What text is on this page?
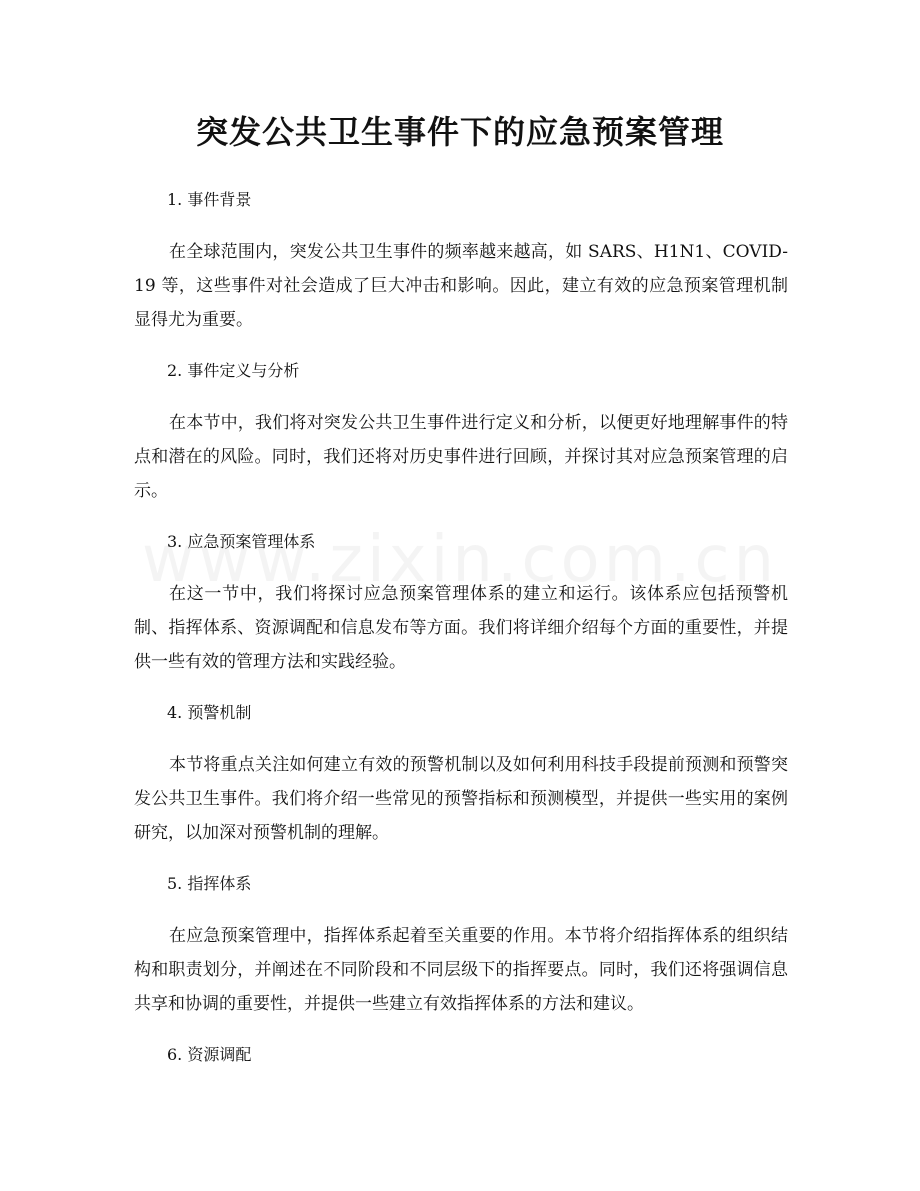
突发公共卫生事件下的应急预案管理

1. 事件背景

在全球范围内，突发公共卫生事件的频率越来越高，如 SARS、H1N1、COVID-19 等，这些事件对社会造成了巨大冲击和影响。因此，建立有效的应急预案管理机制显得尤为重要。

2. 事件定义与分析

在本节中，我们将对突发公共卫生事件进行定义和分析，以便更好地理解事件的特点和潜在的风险。同时，我们还将对历史事件进行回顾，并探讨其对应急预案管理的启示。

3. 应急预案管理体系

在这一节中，我们将探讨应急预案管理体系的建立和运行。该体系应包括预警机制、指挥体系、资源调配和信息发布等方面。我们将详细介绍每个方面的重要性，并提供一些有效的管理方法和实践经验。

4. 预警机制

本节将重点关注如何建立有效的预警机制以及如何利用科技手段提前预测和预警突发公共卫生事件。我们将介绍一些常见的预警指标和预测模型，并提供一些实用的案例研究，以加深对预警机制的理解。

5. 指挥体系

在应急预案管理中，指挥体系起着至关重要的作用。本节将介绍指挥体系的组织结构和职责划分，并阐述在不同阶段和不同层级下的指挥要点。同时，我们还将强调信息共享和协调的重要性，并提供一些建立有效指挥体系的方法和建议。

6. 资源调配
